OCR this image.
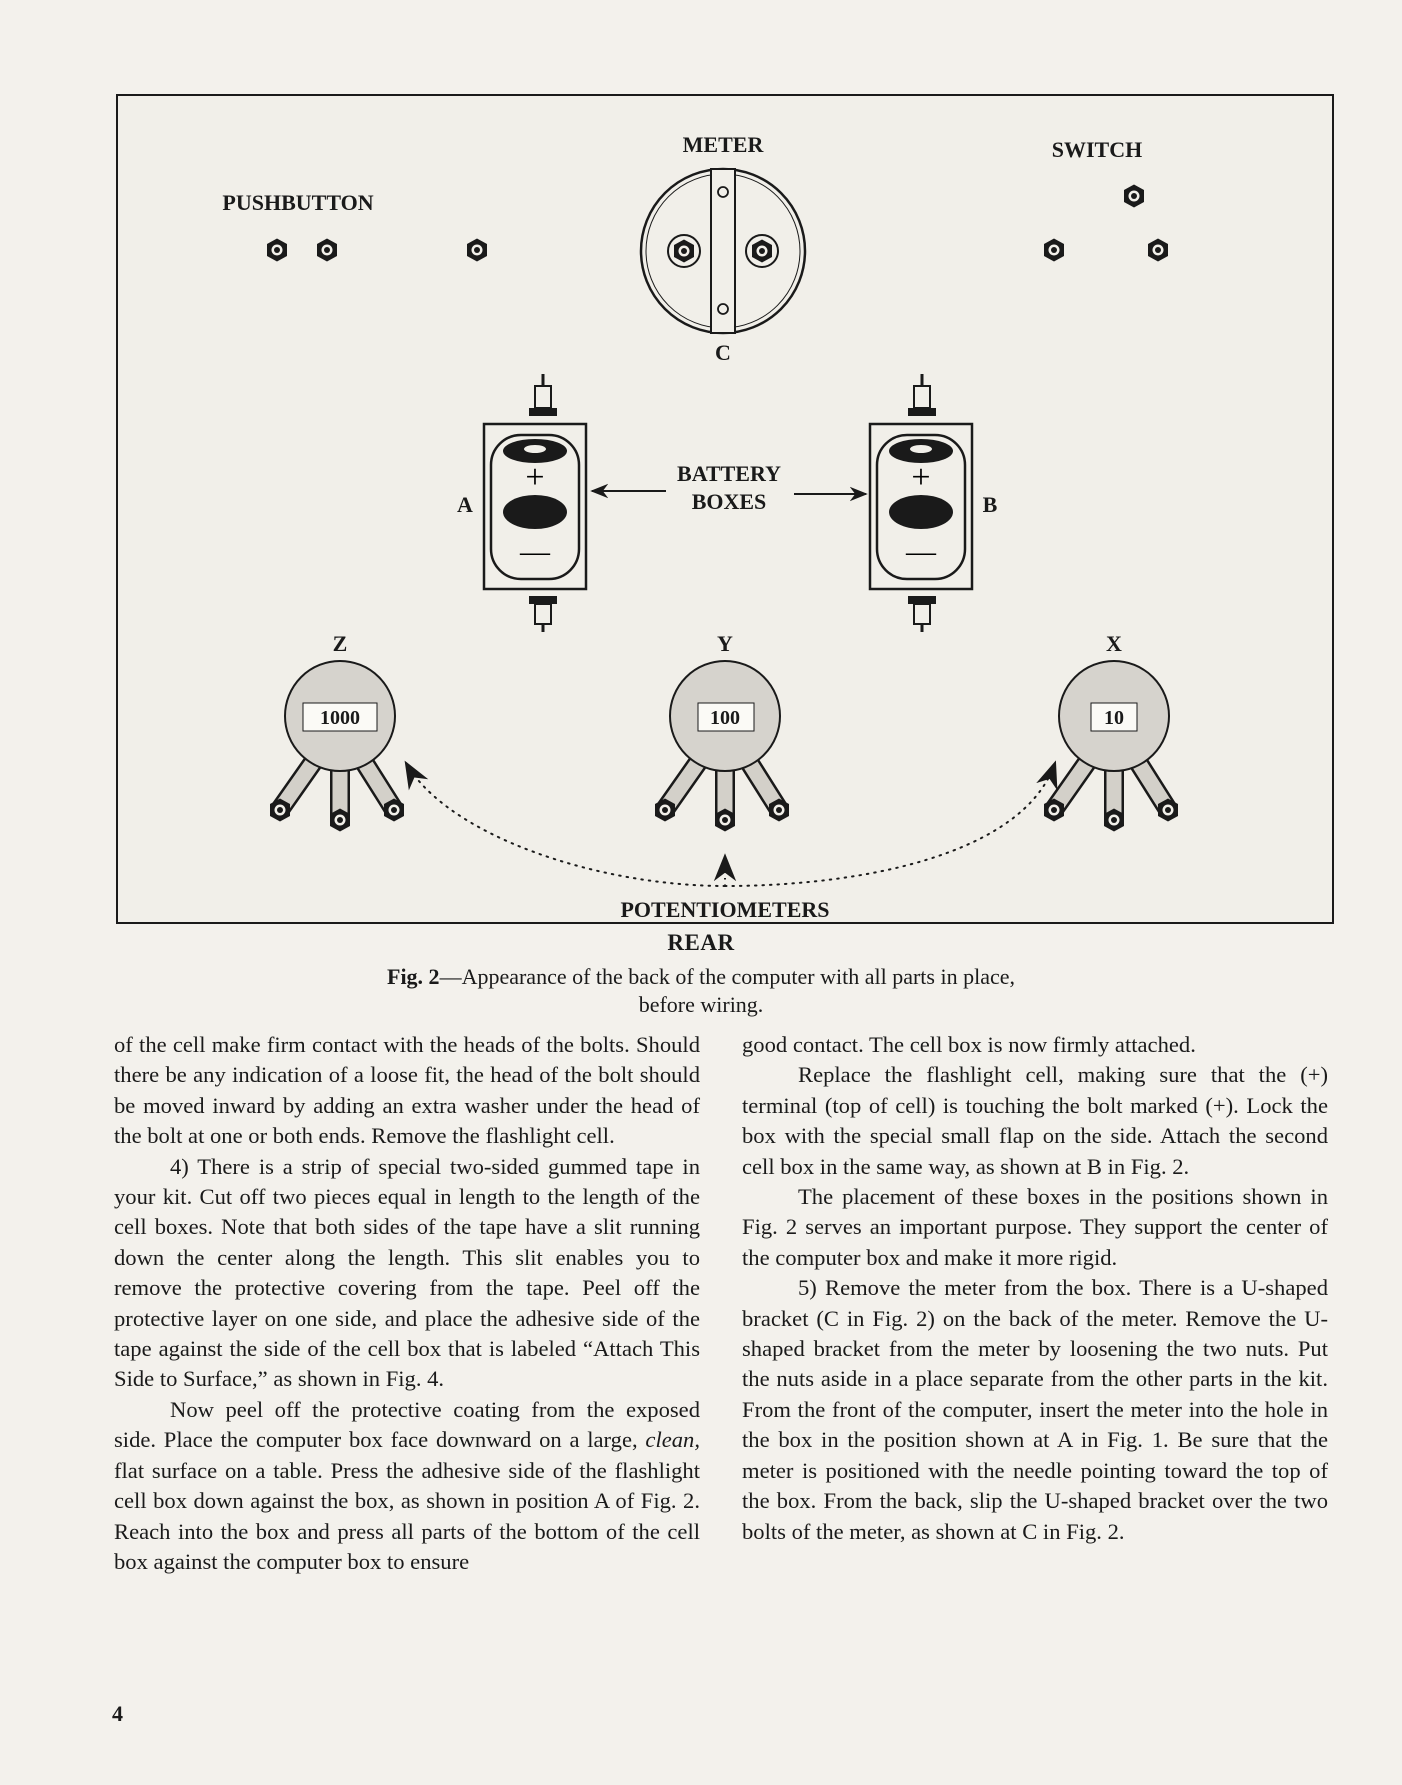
PUSHBUTTON
METER
C
SWITCH
+
—
A
+
—
B
BATTERY
BOXES
Z
1000
Y
100
X
10
POTENTIOMETERS
REAR
Fig. 2—Appearance of the back of the computer with all parts in place,
before wiring.

of the cell make firm contact with the heads of the bolts. Should there be any indication of a loose fit, the head of the bolt should be moved inward by adding an extra washer under the head of the bolt at one or both ends. Remove the flashlight cell.

4) There is a strip of special two-sided gummed tape in your kit. Cut off two pieces equal in length to the length of the cell boxes. Note that both sides of the tape have a slit running down the center along the length. This slit enables you to remove the protective covering from the tape. Peel off the protective layer on one side, and place the adhesive side of the tape against the side of the cell box that is labeled “Attach This Side to Surface,” as shown in Fig. 4.

Now peel off the protective coating from the exposed side. Place the computer box face downward on a large, clean, flat surface on a table. Press the adhesive side of the flashlight cell box down against the box, as shown in position A of Fig. 2. Reach into the box and press all parts of the bottom of the cell box against the computer box to ensure

good contact. The cell box is now firmly attached.

Replace the flashlight cell, making sure that the (+) terminal (top of cell) is touching the bolt marked (+). Lock the box with the special small flap on the side. Attach the second cell box in the same way, as shown at B in Fig. 2.

The placement of these boxes in the positions shown in Fig. 2 serves an important purpose. They support the center of the computer box and make it more rigid.

5) Remove the meter from the box. There is a U-shaped bracket (C in Fig. 2) on the back of the meter. Remove the U-shaped bracket from the meter by loosening the two nuts. Put the nuts aside in a place separate from the other parts in the kit. From the front of the computer, insert the meter into the hole in the box in the position shown at A in Fig. 1. Be sure that the meter is positioned with the needle pointing toward the top of the box. From the back, slip the U-shaped bracket over the two bolts of the meter, as shown at C in Fig. 2.

4
